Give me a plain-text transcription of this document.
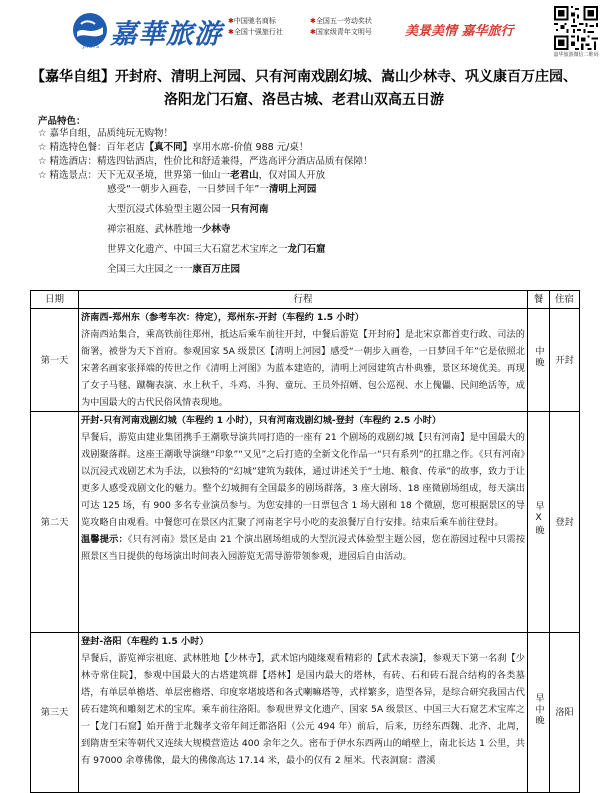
JHGTS 嘉華旅游 ✱中国驰名商标	✱全国五一劳动奖状
✱全国十强旅行社	✱国家级青年文明号	美景美情 嘉华旅行
嘉华旅游微信二维码
【嘉华自组】开封府、清明上河园、只有河南戏剧幻城、嵩山少林寺、巩义康百万庄园、洛阳龙门石窟、洛邑古城、老君山双高五日游
产品特色：
☆ 嘉华自组，品质纯玩无购物！
☆ 精选特色餐：百年老店【真不同】享用水席-价值 988 元/桌！
☆ 精选酒店：精选四钻酒店，性价比和舒适兼得，严选高评分酒店品质有保障！
☆ 精选景点：天下无双圣境，世界第一仙山一老君山，仅对国人开放
感受“一朝步入画卷，一日梦回千年”一清明上河园
大型沉浸式体验型主题公园一只有河南
禅宗祖庭、武林胜地一少林寺
世界文化遗产、中国三大石窟艺术宝库之一龙门石窟
全国三大庄园之一一康百万庄园
日期	行程	餐	住宿
第一天	济南西-郑州东（参考车次：待定），郑州东-开封（车程约 1.5 小时）
济南西站集合，乘高铁前往郑州，抵达后乘车前往开封，中餐后游览【开封府】是北宋京都首吏行政、司法的衙署，被誉为天下首府。参观国家 5A 级景区【清明上河园】感受“一朝步入画卷，一日梦回千年”它是依照北宋著名画家张择端的传世之作《清明上河图》为蓝本建造的，清明上河园建筑古朴典雅，景区环境优美。再现了女子马毬、蹴鞠表演、水上秋千、斗鸡、斗狗、童玩、王员外招婿、包公巡视、水上傀儡、民间绝活等，成为中国最大的古代民俗风情表现地。	中晚	开封
第二天	开封-只有河南戏剧幻城（车程约 1 小时），只有河南戏剧幻城-登封（车程约 2.5 小时）
早餐后，游览由建业集团携手王潮歌导演共同打造的一座有 21 个剧场的戏剧幻城【只有河南】是中国最大的戏剧聚落群。这座王潮歌导演继“印象”“又见”之后打造的全新文化作品一“只有系列”的扛鼎之作。《只有河南》以沉浸式戏剧艺术为手法，以独特的“幻城”建筑为载体，通过讲述关于“土地、粮食、传承”的故事，致力于让更多人感受戏剧文化的魅力。整个幻城拥有全国最多的剧场群落，3 座大剧场、18 座微剧场组成，每天演出可达 125 场，有 900 多名专业演员参与。为您安排的一日票包含 1 场大剧和 18 个微剧，您可根据景区的导览攻略自由观看。中餐您可在景区内汇聚了河南老字号小吃的麦浪餐厅自行安排。结束后乘车前往登封。
温馨提示：《只有河南》景区是由 21 个演出剧场组成的大型沉浸式体验型主题公园，您在游园过程中只需按照景区当日提供的每场演出时间表入园游览无需导游带领参观，进园后自由活动。	早X晚	登封
第三天	登封-洛阳（车程约 1.5 小时）
早餐后，游览禅宗祖庭、武林胜地【少林寺】，武术馆内随缘观看精彩的【武术表演】，参观天下第一名刹【少林寺常住院】，参观中国最大的古塔建筑群【塔林】是国内最大的塔林，有砖、石和砖石混合结构的各类墓塔，有单层单檐塔、单层密檐塔、印度窣堵坡塔和各式喇嘛塔等，式样繁多，造型各异，是综合研究我国古代砖石建筑和雕刻艺术的宝库。乘车前往洛阳。参观世界文化遗产、国家 5A 级景区、中国三大石窟艺术宝库之一【龙门石窟】始开凿于北魏孝文帝年间迁都洛阳（公元 494 年）前后，后来，历经东西魏、北齐、北周，到隋唐至宋等朝代又连续大规模营造达 400 余年之久。密布于伊水东西两山的峭壁上，南北长达 1 公里，共有 97000 余尊佛像，最大的佛像高达 17.14 米，最小的仅有 2 厘米。代表洞窟：潜溪	早中晚	洛阳
